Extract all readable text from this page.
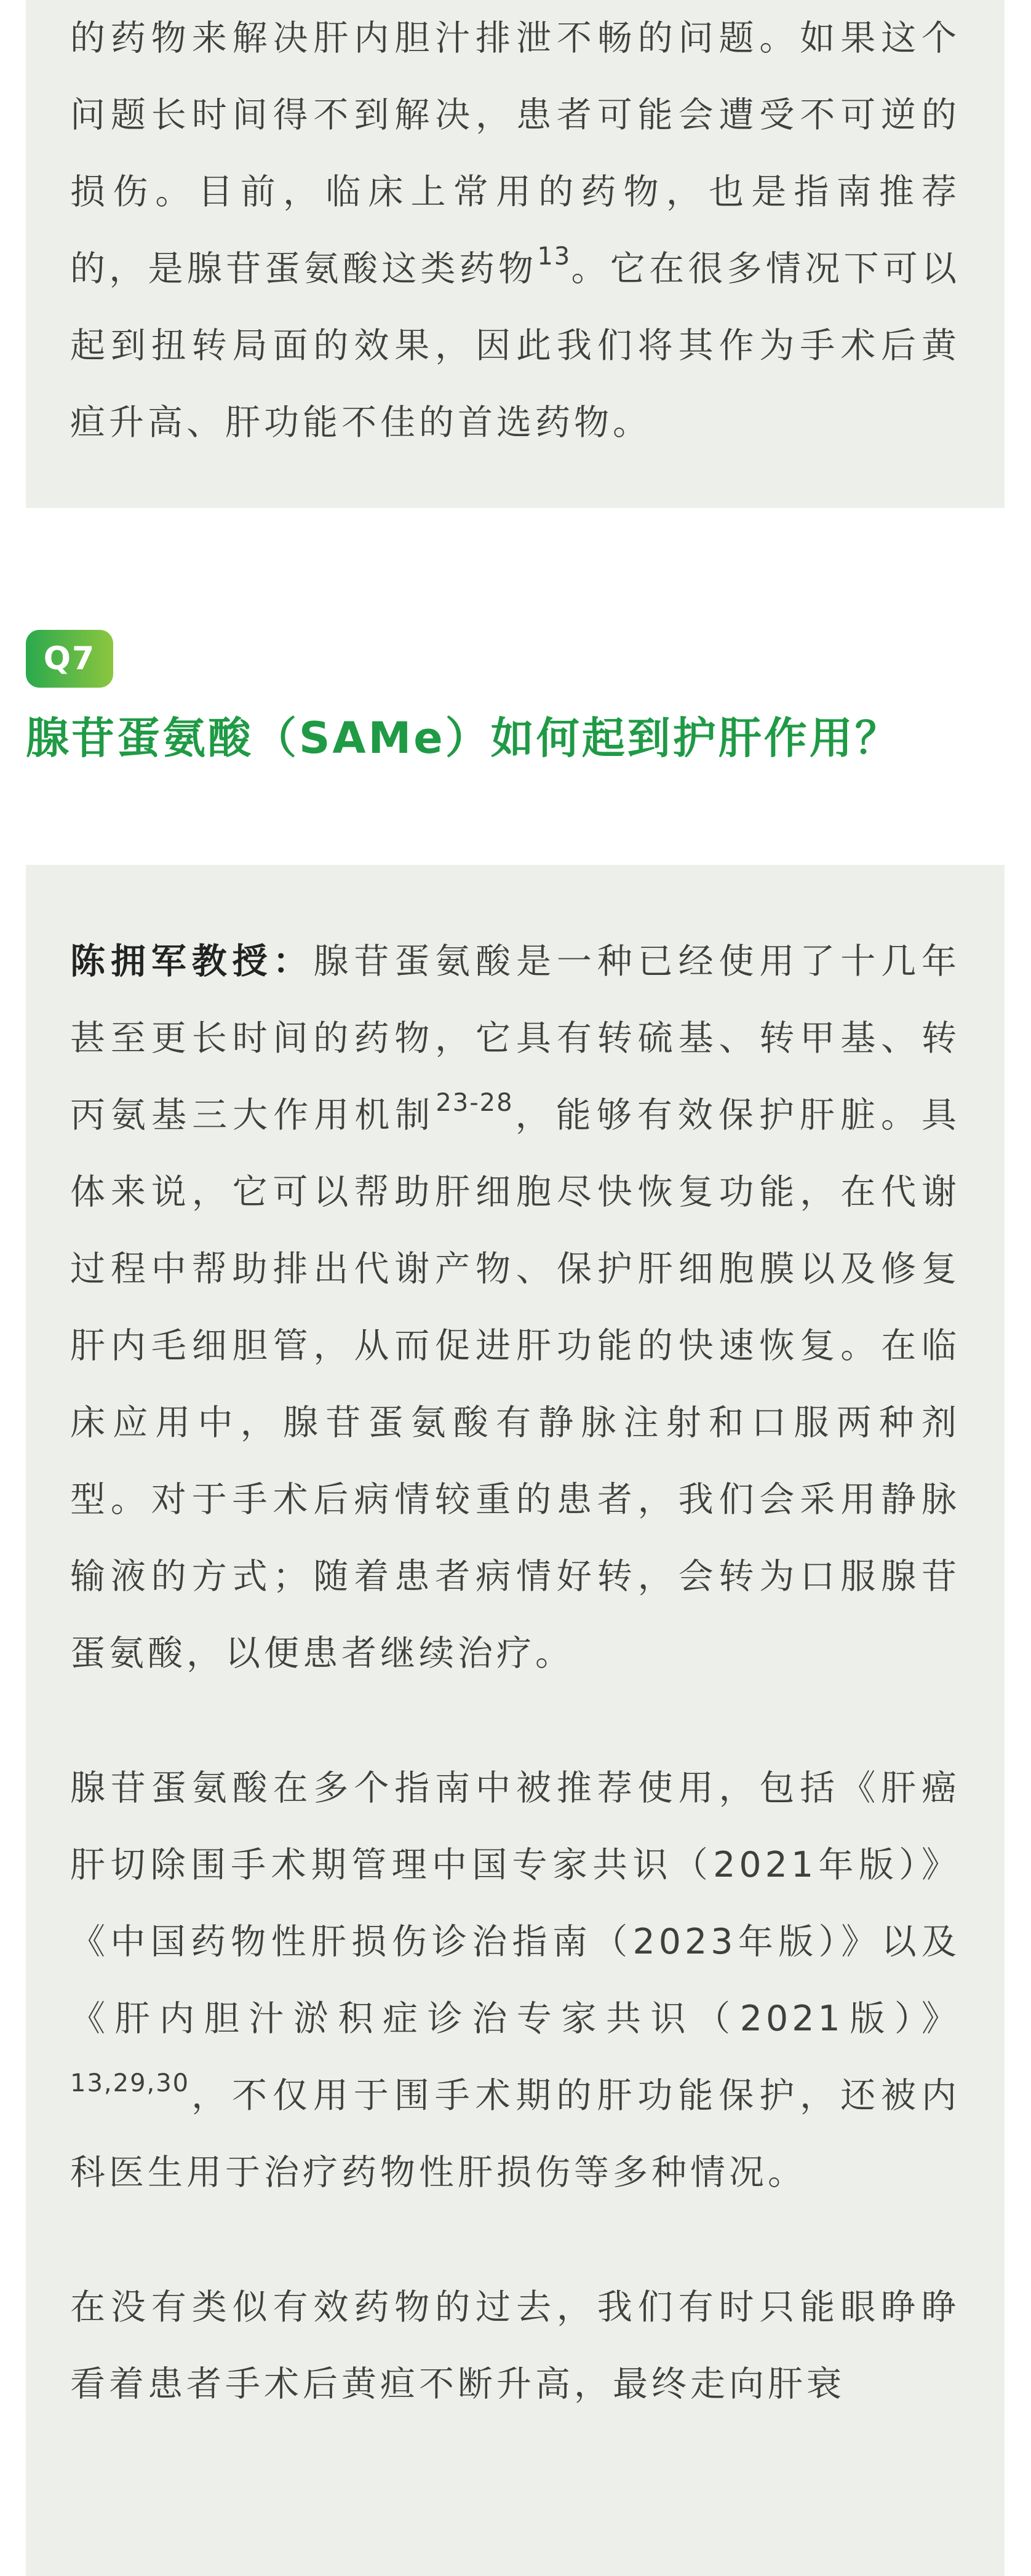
的药物来解决肝内胆汁排泄不畅的问题。如果这个问题长时间得不到解决，患者可能会遭受不可逆的损伤。目前，临床上常用的药物，也是指南推荐的，是腺苷蛋氨酸这类药物$^{13}$。它在很多情况下可以起到扭转局面的效果，因此我们将其作为手术后黄疸升高、肝功能不佳的首选药物。

Q7
腺苷蛋氨酸（SAMe）如何起到护肝作用？

陈拥军教授：腺苷蛋氨酸是一种已经使用了十几年甚至更长时间的药物，它具有转硫基、转甲基、转丙氨基三大作用机制$^{23-28}$，能够有效保护肝脏。具体来说，它可以帮助肝细胞尽快恢复功能，在代谢过程中帮助排出代谢产物、保护肝细胞膜以及修复肝内毛细胆管，从而促进肝功能的快速恢复。在临床应用中，腺苷蛋氨酸有静脉注射和口服两种剂型。对于手术后病情较重的患者，我们会采用静脉输液的方式；随着患者病情好转，会转为口服腺苷蛋氨酸，以便患者继续治疗。

腺苷蛋氨酸在多个指南中被推荐使用，包括《肝癌肝切除围手术期管理中国专家共识（2021年版）》《中国药物性肝损伤诊治指南（2023年版）》以及《肝内胆汁淤积症诊治专家共识（2021版）》$^{13,29,30}$，不仅用于围手术期的肝功能保护，还被内科医生用于治疗药物性肝损伤等多种情况。

在没有类似有效药物的过去，我们有时只能眼睁睁看着患者手术后黄疸不断升高，最终走向肝衰
